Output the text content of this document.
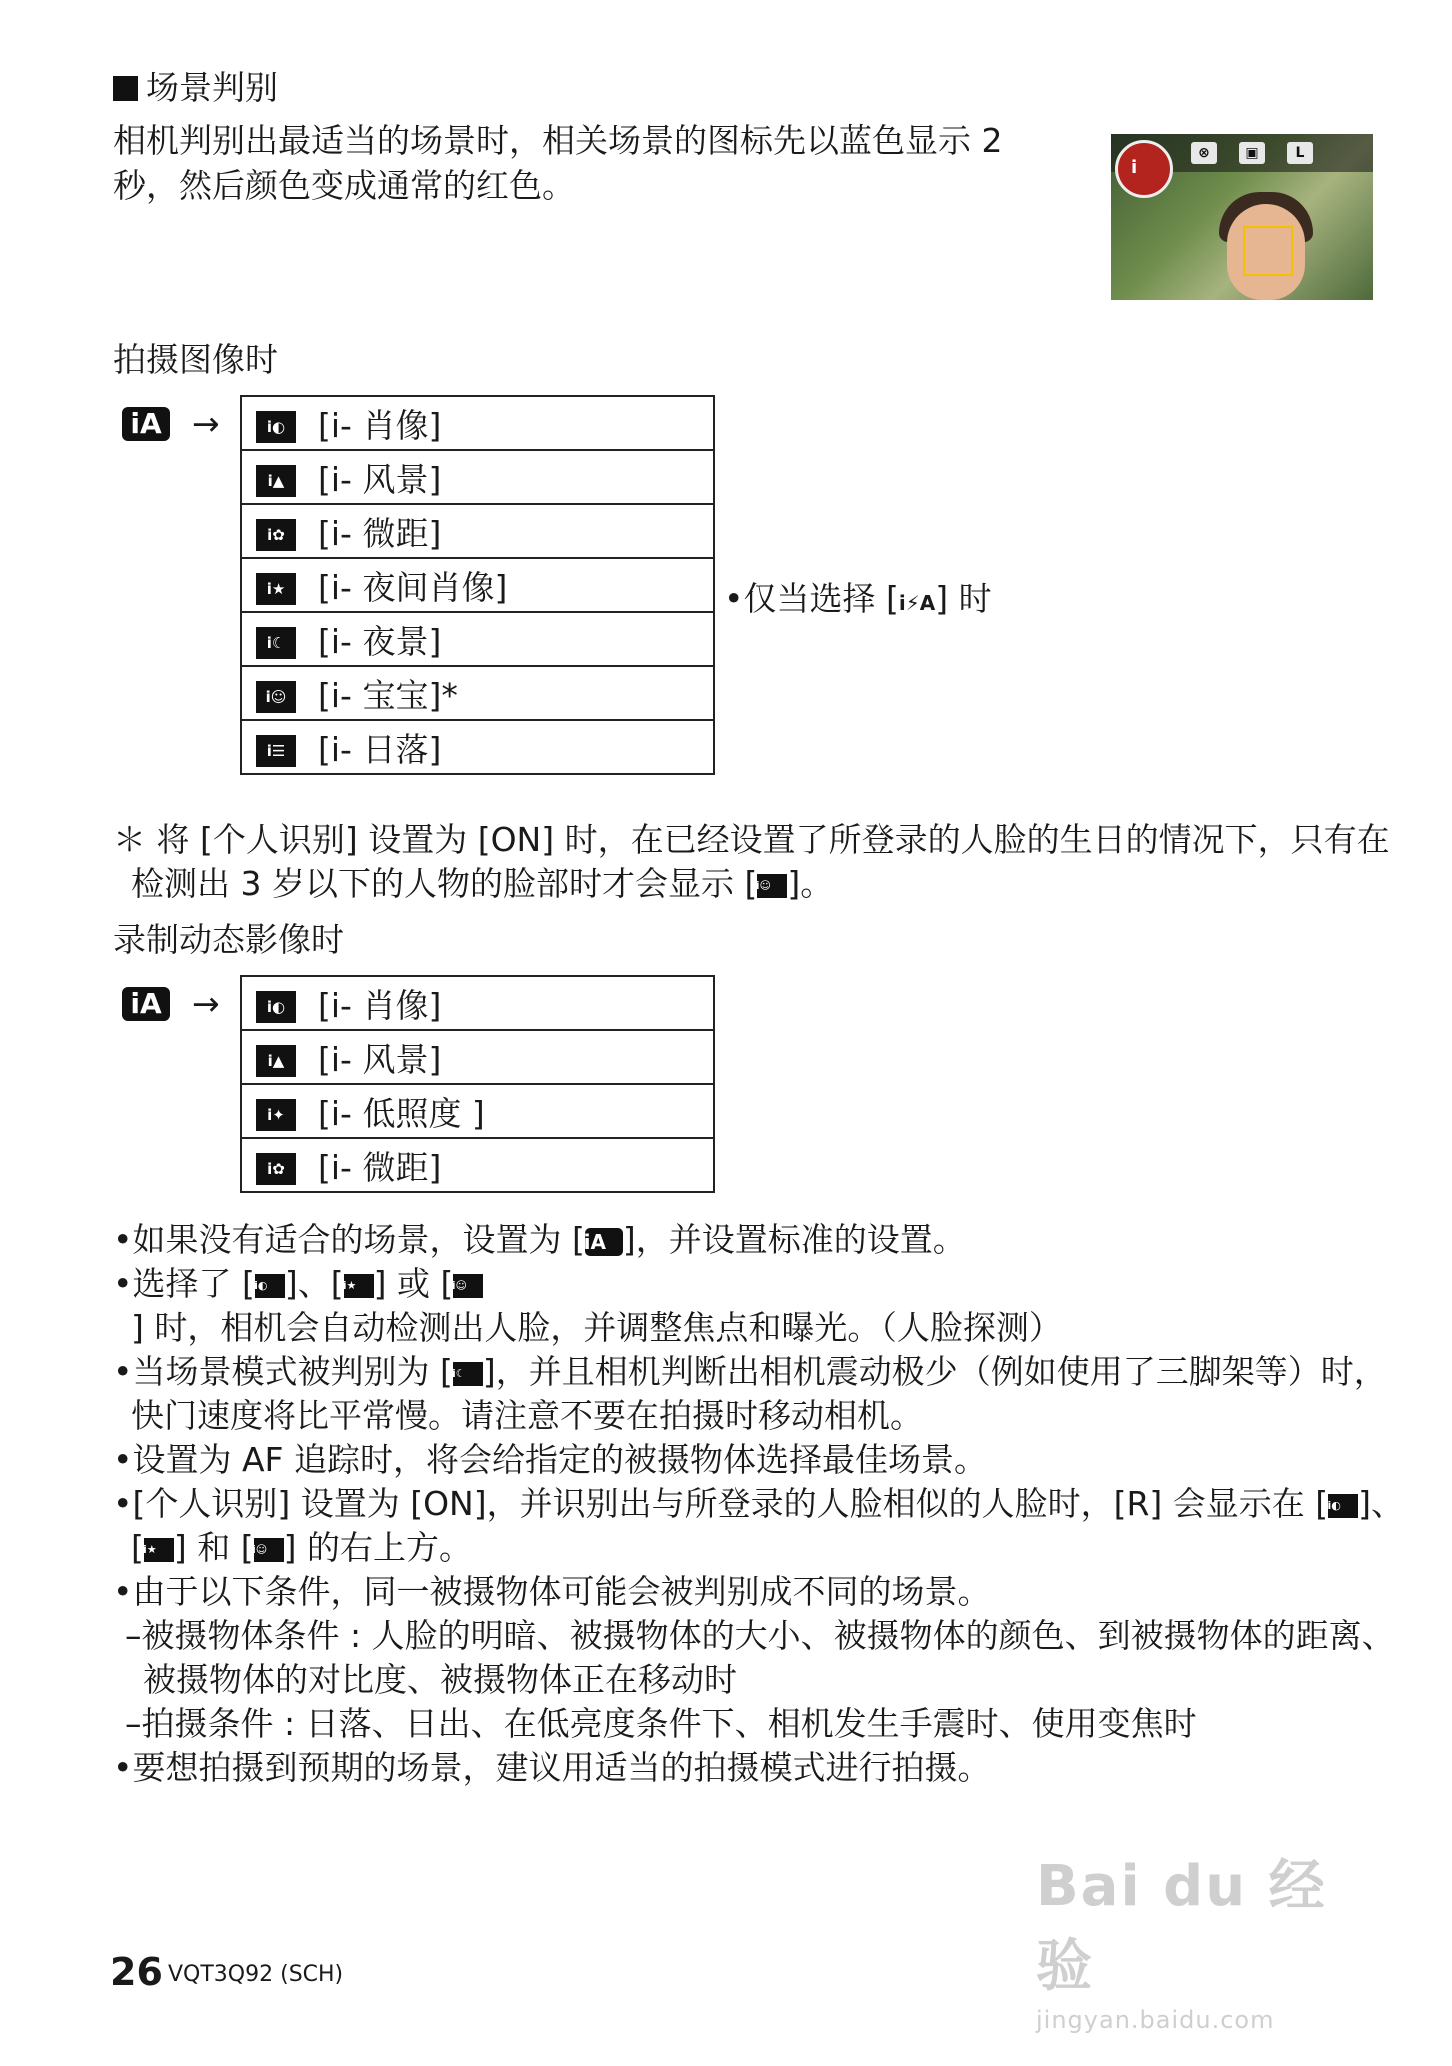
场景判别
相机判别出最适当的场景时，相关场景的图标先以蓝色显示 2 秒，然后颜色变成通常的红色。	i
⊗	▣	L
拍摄图像时
iA →	i◐ [i- 肖像]
i▲ [i- 风景]
i✿ [i- 微距]
i★ [i- 夜间肖像]
i☾ [i- 夜景]
i☺ [i- 宝宝]*
i☰ [i- 日落]
•仅当选择 [i⚡A] 时
＊ 将 [个人识别] 设置为 [ON] 时，在已经设置了所登录的人脸的生日的情况下，只有在检测出 3 岁以下的人物的脸部时才会显示 [i☺ ]。
录制动态影像时
iA →	i◐ [i- 肖像]
i▲ [i- 风景]
i✦ [i- 低照度 ]
i✿ [i- 微距]
•如果没有适合的场景，设置为 [iA ]，并设置标准的设置。
•选择了 [i◐ ]、[i★ ] 或 [i☺] 时，相机会自动检测出人脸，并调整焦点和曝光。（人脸探测）
•当场景模式被判别为 [i☾ ]，并且相机判断出相机震动极少（例如使用了三脚架等）时，快门速度将比平常慢。请注意不要在拍摄时移动相机。
•设置为 AF 追踪时，将会给指定的被摄物体选择最佳场景。
•[个人识别] 设置为 [ON]，并识别出与所登录的人脸相似的人脸时，[R] 会显示在 [i◐ ]、[i★ ] 和 [i☺ ] 的右上方。
•由于以下条件，同一被摄物体可能会被判别成不同的场景。
–被摄物体条件 : 人脸的明暗、被摄物体的大小、被摄物体的颜色、到被摄物体的距离、被摄物体的对比度、被摄物体正在移动时
–拍摄条件 : 日落、日出、在低亮度条件下、相机发生手震时、使用变焦时
•要想拍摄到预期的场景，建议用适当的拍摄模式进行拍摄。
26 VQT3Q92 (SCH)
Bai du 经验
jingyan.baidu.com
